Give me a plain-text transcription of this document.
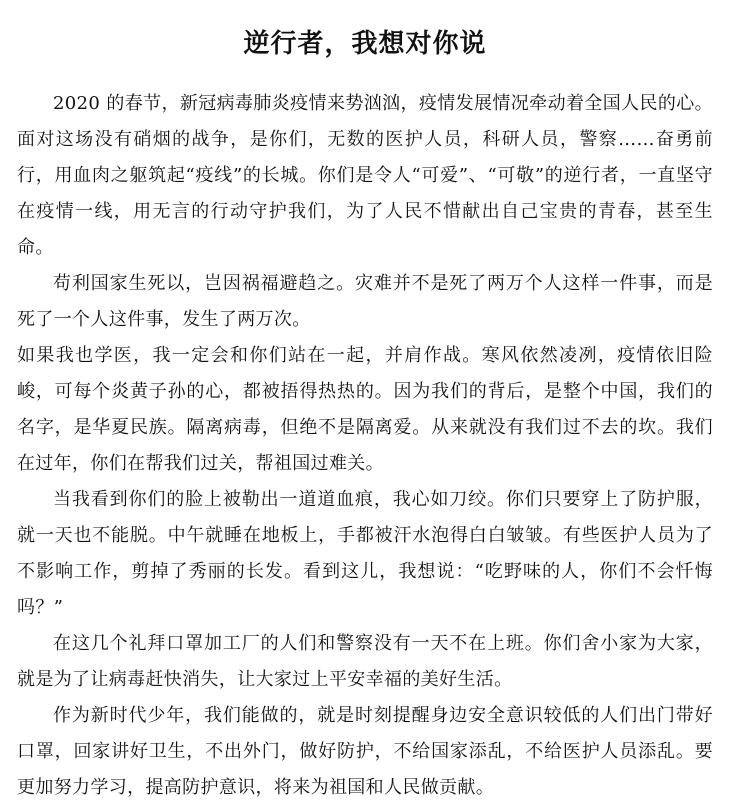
逆行者，我想对你说

2020 的春节，新冠病毒肺炎疫情来势汹汹，疫情发展情况牵动着全国人民的心。面对这场没有硝烟的战争，是你们，无数的医护人员，科研人员，警察……奋勇前行，用血肉之躯筑起“疫线”的长城。你们是令人“可爱”、“可敬”的逆行者，一直坚守在疫情一线，用无言的行动守护我们，为了人民不惜献出自己宝贵的青春，甚至生命。

苟利国家生死以，岂因祸福避趋之。灾难并不是死了两万个人这样一件事，而是死了一个人这件事，发生了两万次。

如果我也学医，我一定会和你们站在一起，并肩作战。寒风依然凌冽，疫情依旧险峻，可每个炎黄子孙的心，都被捂得热热的。因为我们的背后，是整个中国，我们的名字，是华夏民族。隔离病毒，但绝不是隔离爱。从来就没有我们过不去的坎。我们在过年，你们在帮我们过关，帮祖国过难关。

当我看到你们的脸上被勒出一道道血痕，我心如刀绞。你们只要穿上了防护服，就一天也不能脱。中午就睡在地板上，手都被汗水泡得白白皱皱。有些医护人员为了不影响工作，剪掉了秀丽的长发。看到这儿，我想说：“吃野味的人，你们不会忏悔吗？”

在这几个礼拜口罩加工厂的人们和警察没有一天不在上班。你们舍小家为大家，就是为了让病毒赶快消失，让大家过上平安幸福的美好生活。

作为新时代少年，我们能做的，就是时刻提醒身边安全意识较低的人们出门带好口罩，回家讲好卫生，不出外门，做好防护，不给国家添乱，不给医护人员添乱。要更加努力学习，提高防护意识，将来为祖国和人民做贡献。
